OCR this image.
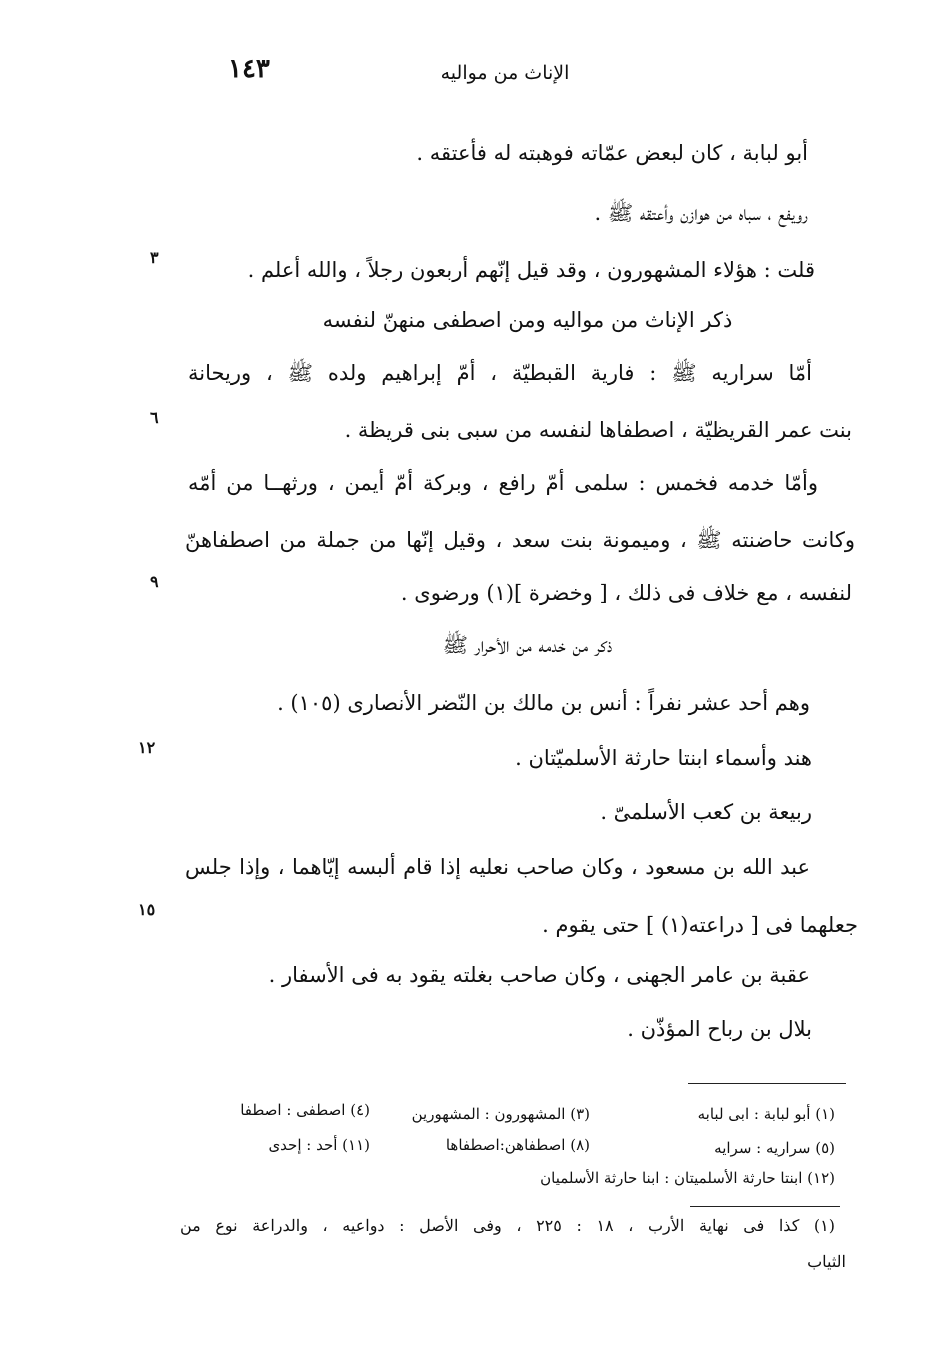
١٤٣	الإناث من مواليه
أبو لبابة ، كان لبعض عمّاته فوهبته له فأعتقه .
رويفع ، سباه من هوازن وأعتقه ﷺ .
قلت : هؤلاء المشهورون ، وقد قيل إنّهم أربعون رجلاً ، والله أعلم .
ذكر الإناث من مواليه ومن اصطفى منهنّ لنفسه
أمّا سراريه ﷺ : فارية القبطيّة ، أمّ إبراهيم ولده ﷺ ، وريحانة
بنت عمر القريظيّة ، اصطفاها لنفسه من سبى بنى قريظة .
وأمّا خدمه فخمس : سلمى أمّ رافع ، وبركة أمّ أيمن ، ورثهــا من أمّه
وكانت حاضنته ﷺ ، وميمونة بنت سعد ، وقيل إنّها من جملة من اصطفاهنّ
لنفسه ، مع خلاف فى ذلك ، [ وخضرة ](١) ورضوى .
ذكر من خدمه من الأحرار ﷺ
وهم أحد عشر نفراً : أنس بن مالك بن النّضر الأنصارى (١٠٥) .
هند وأسماء ابنتا حارثة الأسلميّتان .
ربيعة بن كعب الأسلمىّ .
عبد الله بن مسعود ، وكان صاحب نعليه إذا قام ألبسه إيّاهما ، وإذا جلس
جعلهما فى [ دراعته(١) ] حتى يقوم .
عقبة بن عامر الجهنى ، وكان صاحب بغلته يقود به فى الأسفار .
بلال بن رباح المؤذّن .
٣
٦
٩
١٢
١٥
(١) أبو لبابة : ابى لبابه
(٣) المشهورون : المشهورين
(٤) اصطفى : اصطفا
(٥) سراريه : سرايه
(٨) اصطفاهن:اصطفاها
(١١) أحد : إحدى
(١٢) ابنتا حارثة الأسلميتان : ابنا حارثة الأسلميان
(١) كذا فى نهاية الأرب ، ١٨ : ٢٢٥ ، وفى الأصل : دواعيه ، والدراعة نوع من
الثياب
